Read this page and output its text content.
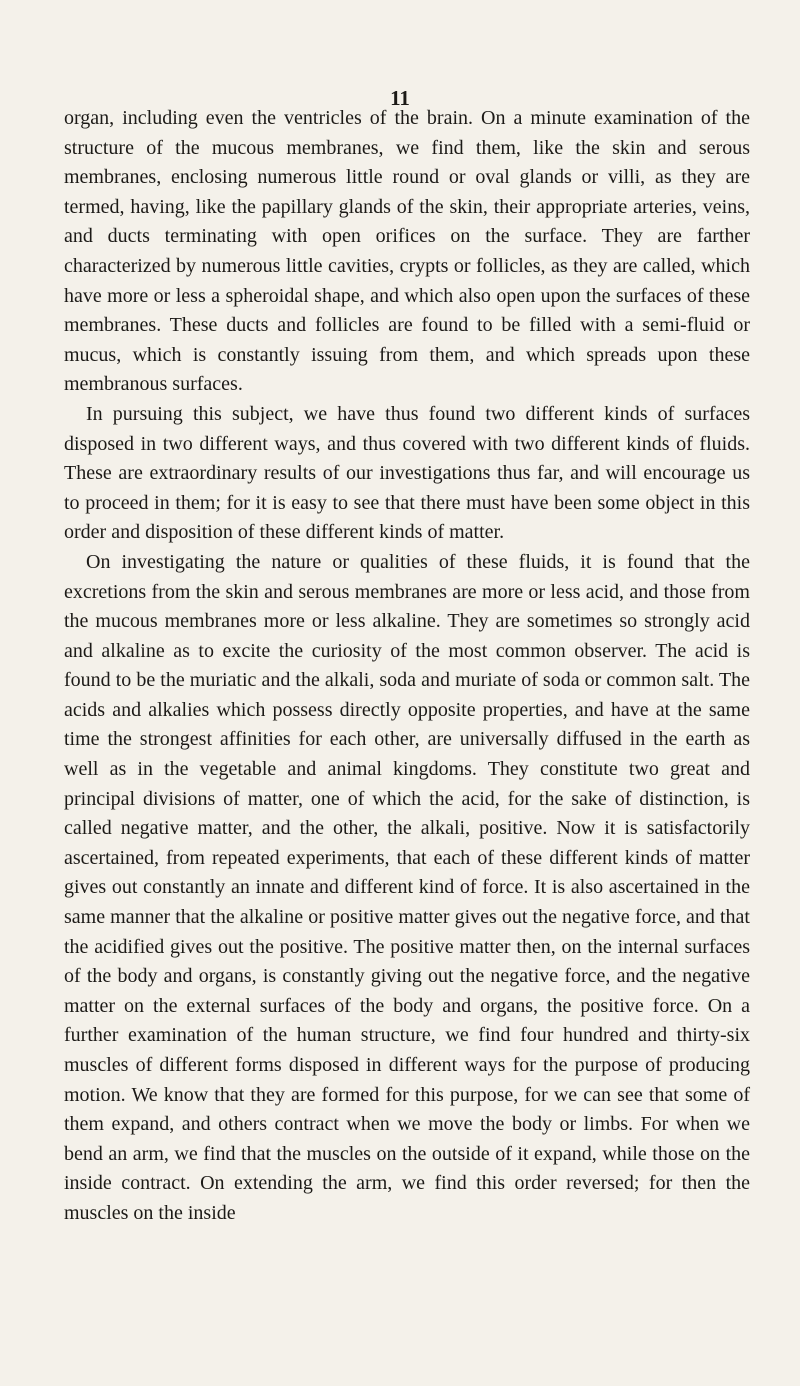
11

organ, including even the ventricles of the brain. On a minute examination of the structure of the mucous membranes, we find them, like the skin and serous membranes, enclosing numerous little round or oval glands or villi, as they are termed, having, like the papillary glands of the skin, their appropriate arteries, veins, and ducts terminating with open orifices on the surface. They are farther characterized by numerous little cavities, crypts or follicles, as they are called, which have more or less a spheroidal shape, and which also open upon the surfaces of these membranes. These ducts and follicles are found to be filled with a semi-fluid or mucus, which is constantly issuing from them, and which spreads upon these membranous surfaces.

In pursuing this subject, we have thus found two different kinds of surfaces disposed in two different ways, and thus covered with two different kinds of fluids. These are extraordinary results of our investigations thus far, and will encourage us to proceed in them; for it is easy to see that there must have been some object in this order and disposition of these different kinds of matter.

On investigating the nature or qualities of these fluids, it is found that the excretions from the skin and serous membranes are more or less acid, and those from the mucous membranes more or less alkaline. They are sometimes so strongly acid and alkaline as to excite the curiosity of the most common observer. The acid is found to be the muriatic and the alkali, soda and muriate of soda or common salt. The acids and alkalies which possess directly opposite properties, and have at the same time the strongest affinities for each other, are universally diffused in the earth as well as in the vegetable and animal kingdoms. They constitute two great and principal divisions of matter, one of which the acid, for the sake of distinction, is called negative matter, and the other, the alkali, positive. Now it is satisfactorily ascertained, from repeated experiments, that each of these different kinds of matter gives out constantly an innate and different kind of force. It is also ascertained in the same manner that the alkaline or positive matter gives out the negative force, and that the acidified gives out the positive. The positive matter then, on the internal surfaces of the body and organs, is constantly giving out the negative force, and the negative matter on the external surfaces of the body and organs, the positive force. On a further examination of the human structure, we find four hundred and thirty-six muscles of different forms disposed in different ways for the purpose of producing motion. We know that they are formed for this purpose, for we can see that some of them expand, and others contract when we move the body or limbs. For when we bend an arm, we find that the muscles on the outside of it expand, while those on the inside contract. On extending the arm, we find this order reversed; for then the muscles on the inside
